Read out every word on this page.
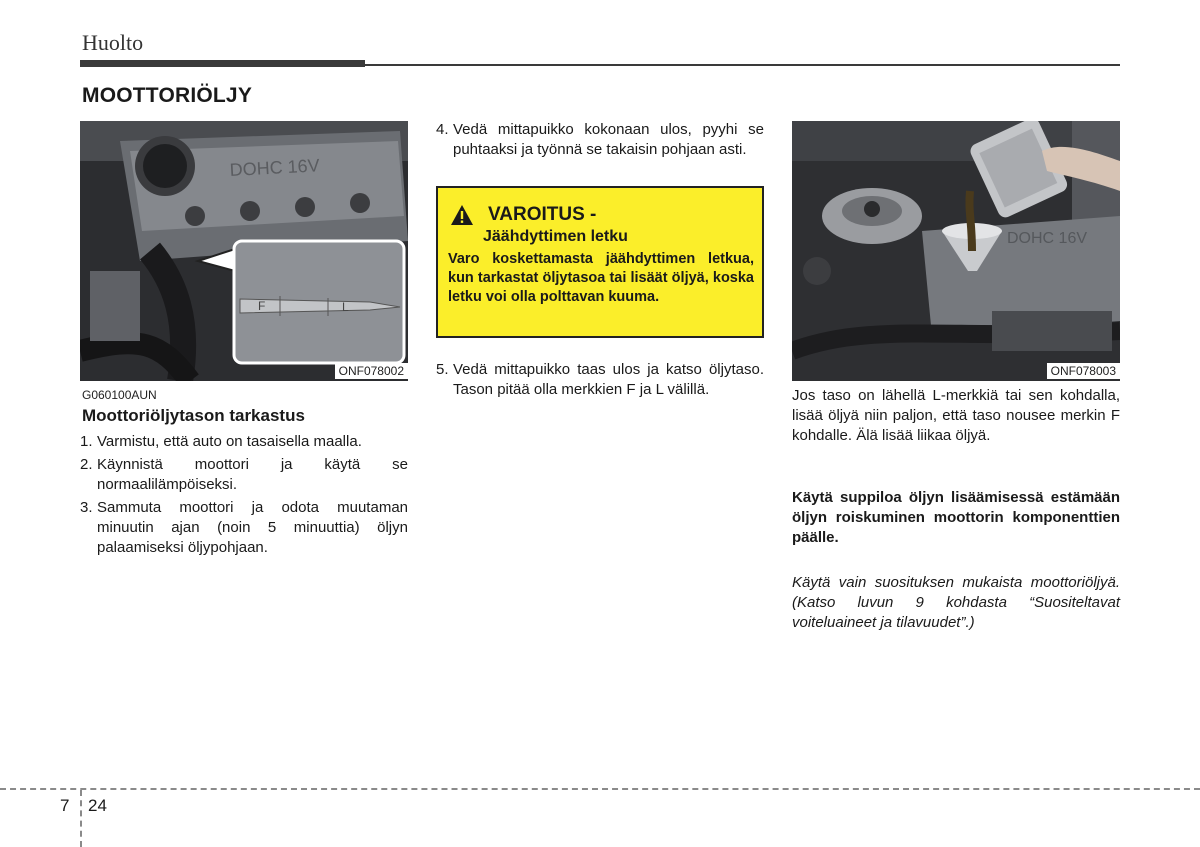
Huolto
MOOTTORIÖLJY
DOHC 16V
F	L
ONF078002
G060100AUN
Moottoriöljytason tarkastus
1. Varmistu, että auto on tasaisella maalla.
2. Käynnistä moottori ja käytä se normaalilämpöiseksi.
3. Sammuta moottori ja odota muutaman minuutin ajan (noin 5 minuuttia) öljyn palaamiseksi öljypohjaan.
4. Vedä mittapuikko kokonaan ulos, pyyhi se puhtaaksi ja työnnä se takaisin pohjaan asti.
VAROITUS -
Jäähdyttimen letku
Varo koskettamasta jäähdyttimen letkua, kun tarkastat öljytasoa tai lisäät öljyä, koska letku voi olla polttavan kuuma.
5. Vedä mittapuikko taas ulos ja katso öljytaso. Tason pitää olla merkkien F ja L välillä.
DOHC 16V
ONF078003
Jos taso on lähellä L-merkkiä tai sen kohdalla, lisää öljyä niin paljon, että taso nousee merkin F kohdalle. Älä lisää liikaa öljyä.
Käytä suppiloa öljyn lisäämisessä estämään öljyn roiskuminen moottorin komponenttien päälle.
Käytä vain suosituksen mukaista moottoriöljyä. (Katso luvun 9 kohdasta “Suositeltavat voiteluaineet ja tilavuudet”.)
7 24
